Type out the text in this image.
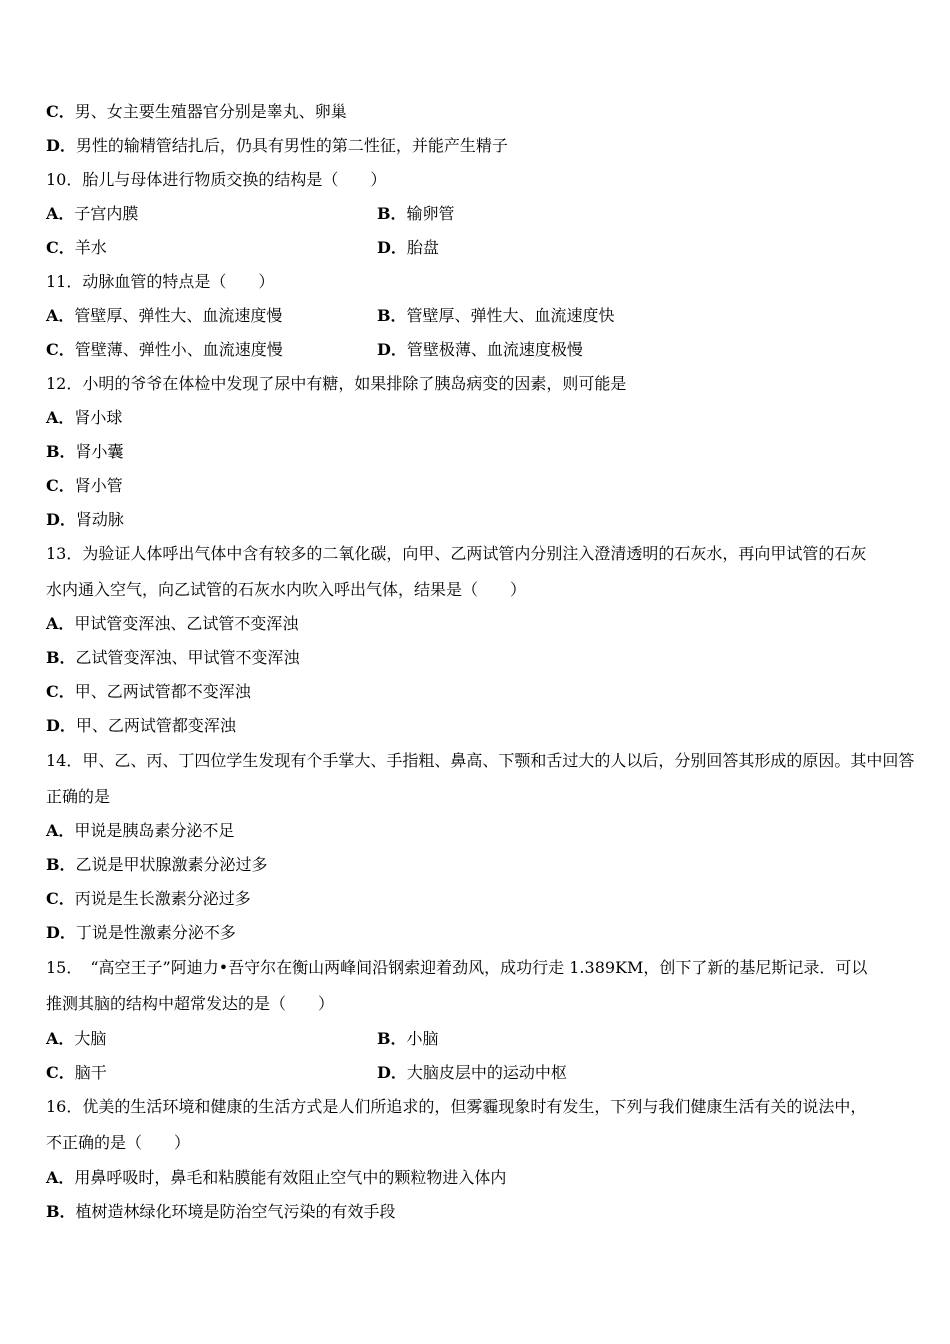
C．男、女主要生殖器官分别是睾丸、卵巢
D．男性的输精管结扎后，仍具有男性的第二性征，并能产生精子
10．胎儿与母体进行物质交换的结构是（　　）
A．子宫内膜	B．输卵管
C．羊水	D．胎盘
11．动脉血管的特点是（　　）
A．管壁厚、弹性大、血流速度慢	B．管壁厚、弹性大、血流速度快
C．管壁薄、弹性小、血流速度慢	D．管壁极薄、血流速度极慢
12．小明的爷爷在体检中发现了尿中有糖，如果排除了胰岛病变的因素，则可能是
A．肾小球
B．肾小囊
C．肾小管
D．肾动脉
13．为验证人体呼出气体中含有较多的二氧化碳，向甲、乙两试管内分别注入澄清透明的石灰水，再向甲试管的石灰
水内通入空气，向乙试管的石灰水内吹入呼出气体，结果是（　　）
A．甲试管变浑浊、乙试管不变浑浊
B．乙试管变浑浊、甲试管不变浑浊
C．甲、乙两试管都不变浑浊
D．甲、乙两试管都变浑浊
14．甲、乙、丙、丁四位学生发现有个手掌大、手指粗、鼻高、下颚和舌过大的人以后，分别回答其形成的原因。其中回答
正确的是
A．甲说是胰岛素分泌不足
B．乙说是甲状腺激素分泌过多
C．丙说是生长激素分泌过多
D．丁说是性激素分泌不多
15．　“高空王子”阿迪力•吾守尔在衡山两峰间沿钢索迎着劲风，成功行走 1.389KM，创下了新的基尼斯记录．可以
推测其脑的结构中超常发达的是（　　）
A．大脑	B．小脑
C．脑干	D．大脑皮层中的运动中枢
16．优美的生活环境和健康的生活方式是人们所追求的，但雾霾现象时有发生，下列与我们健康生活有关的说法中，
不正确的是（　　）
A．用鼻呼吸时，鼻毛和粘膜能有效阻止空气中的颗粒物进入体内
B．植树造林绿化环境是防治空气污染的有效手段
